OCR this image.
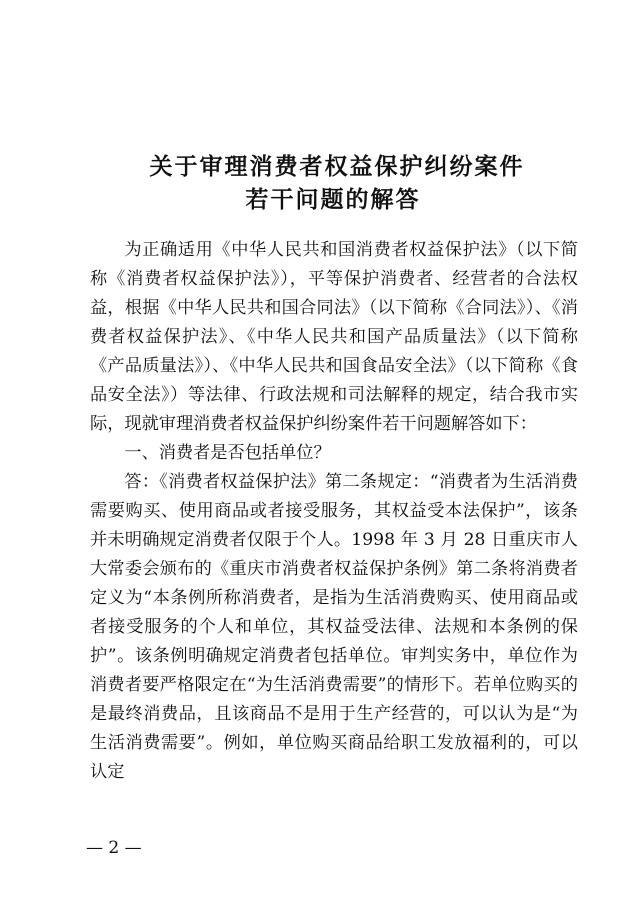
关于审理消费者权益保护纠纷案件
若干问题的解答

为正确适用《中华人民共和国消费者权益保护法》（以下简称《消费者权益保护法》），平等保护消费者、经营者的合法权益，根据《中华人民共和国合同法》（以下简称《合同法》）、《消费者权益保护法》、《中华人民共和国产品质量法》（以下简称《产品质量法》）、《中华人民共和国食品安全法》（以下简称《食品安全法》）等法律、行政法规和司法解释的规定，结合我市实际，现就审理消费者权益保护纠纷案件若干问题解答如下：

一、消费者是否包括单位？

答：《消费者权益保护法》第二条规定：“消费者为生活消费需要购买、使用商品或者接受服务，其权益受本法保护”，该条并未明确规定消费者仅限于个人。1998 年 3 月 28 日重庆市人大常委会颁布的《重庆市消费者权益保护条例》第二条将消费者定义为“本条例所称消费者，是指为生活消费购买、使用商品或者接受服务的个人和单位，其权益受法律、法规和本条例的保护”。该条例明确规定消费者包括单位。审判实务中，单位作为消费者要严格限定在“为生活消费需要”的情形下。若单位购买的是最终消费品，且该商品不是用于生产经营的，可以认为是“为生活消费需要”。例如，单位购买商品给职工发放福利的，可以认定

— 2 —
